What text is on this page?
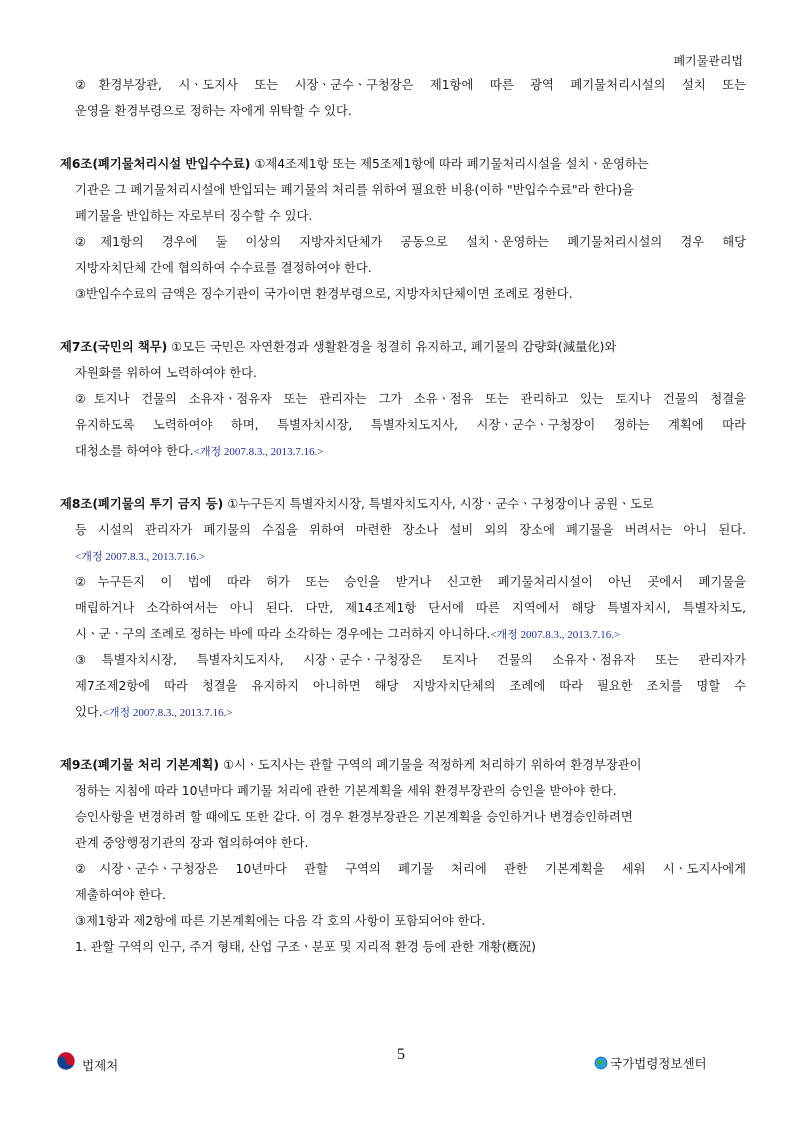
폐기물관리법
②환경부장관, 시ㆍ도지사 또는 시장ㆍ군수ㆍ구청장은 제1항에 따른 광역 폐기물처리시설의 설치 또는
운영을 환경부령으로 정하는 자에게 위탁할 수 있다.
제6조(폐기물처리시설 반입수수료) ①제4조제1항 또는 제5조제1항에 따라 폐기물처리시설을 설치ㆍ운영하는
기관은 그 폐기물처리시설에 반입되는 폐기물의 처리를 위하여 필요한 비용(이하 "반입수수료"라 한다)을
폐기물을 반입하는 자로부터 징수할 수 있다.
②제1항의 경우에 둘 이상의 지방자치단체가 공동으로 설치ㆍ운영하는 폐기물처리시설의 경우 해당
지방자치단체 간에 협의하여 수수료를 결정하여야 한다.
③반입수수료의 금액은 징수기관이 국가이면 환경부령으로, 지방자치단체이면 조례로 정한다.
제7조(국민의 책무) ①모든 국민은 자연환경과 생활환경을 청결히 유지하고, 폐기물의 감량화(減量化)와
자원화를 위하여 노력하여야 한다.
②토지나 건물의 소유자ㆍ점유자 또는 관리자는 그가 소유ㆍ점유 또는 관리하고 있는 토지나 건물의 청결을
유지하도록 노력하여야 하며, 특별자치시장, 특별자치도지사, 시장ㆍ군수ㆍ구청장이 정하는 계획에 따라
대청소를 하여야 한다.<개정 2007.8.3., 2013.7.16.>
제8조(폐기물의 투기 금지 등) ①누구든지 특별자치시장, 특별자치도지사, 시장ㆍ군수ㆍ구청장이나 공원ㆍ도로
등 시설의 관리자가 폐기물의 수집을 위하여 마련한 장소나 설비 외의 장소에 폐기물을 버려서는 아니 된다.
<개정 2007.8.3., 2013.7.16.>
②누구든지 이 법에 따라 허가 또는 승인을 받거나 신고한 폐기물처리시설이 아닌 곳에서 폐기물을
매립하거나 소각하여서는 아니 된다. 다만, 제14조제1항 단서에 따른 지역에서 해당 특별자치시, 특별자치도,
시ㆍ군ㆍ구의 조례로 정하는 바에 따라 소각하는 경우에는 그러하지 아니하다.<개정 2007.8.3., 2013.7.16.>
③특별자치시장, 특별자치도지사, 시장ㆍ군수ㆍ구청장은 토지나 건물의 소유자ㆍ점유자 또는 관리자가
제7조제2항에 따라 청결을 유지하지 아니하면 해당 지방자치단체의 조례에 따라 필요한 조치를 명할 수
있다.<개정 2007.8.3., 2013.7.16.>
제9조(폐기물 처리 기본계획) ①시ㆍ도지사는 관할 구역의 폐기물을 적정하게 처리하기 위하여 환경부장관이
정하는 지침에 따라 10년마다 폐기물 처리에 관한 기본계획을 세워 환경부장관의 승인을 받아야 한다.
승인사항을 변경하려 할 때에도 또한 같다. 이 경우 환경부장관은 기본계획을 승인하거나 변경승인하려면
관계 중앙행정기관의 장과 협의하여야 한다.
②시장ㆍ군수ㆍ구청장은 10년마다 관할 구역의 폐기물 처리에 관한 기본계획을 세워 시ㆍ도지사에게
제출하여야 한다.
③제1항과 제2항에 따른 기본계획에는 다음 각 호의 사항이 포함되어야 한다.
1. 관할 구역의 인구, 주거 형태, 산업 구조ㆍ분포 및 지리적 환경 등에 관한 개황(槪況)
법제처
5
국가법령정보센터
